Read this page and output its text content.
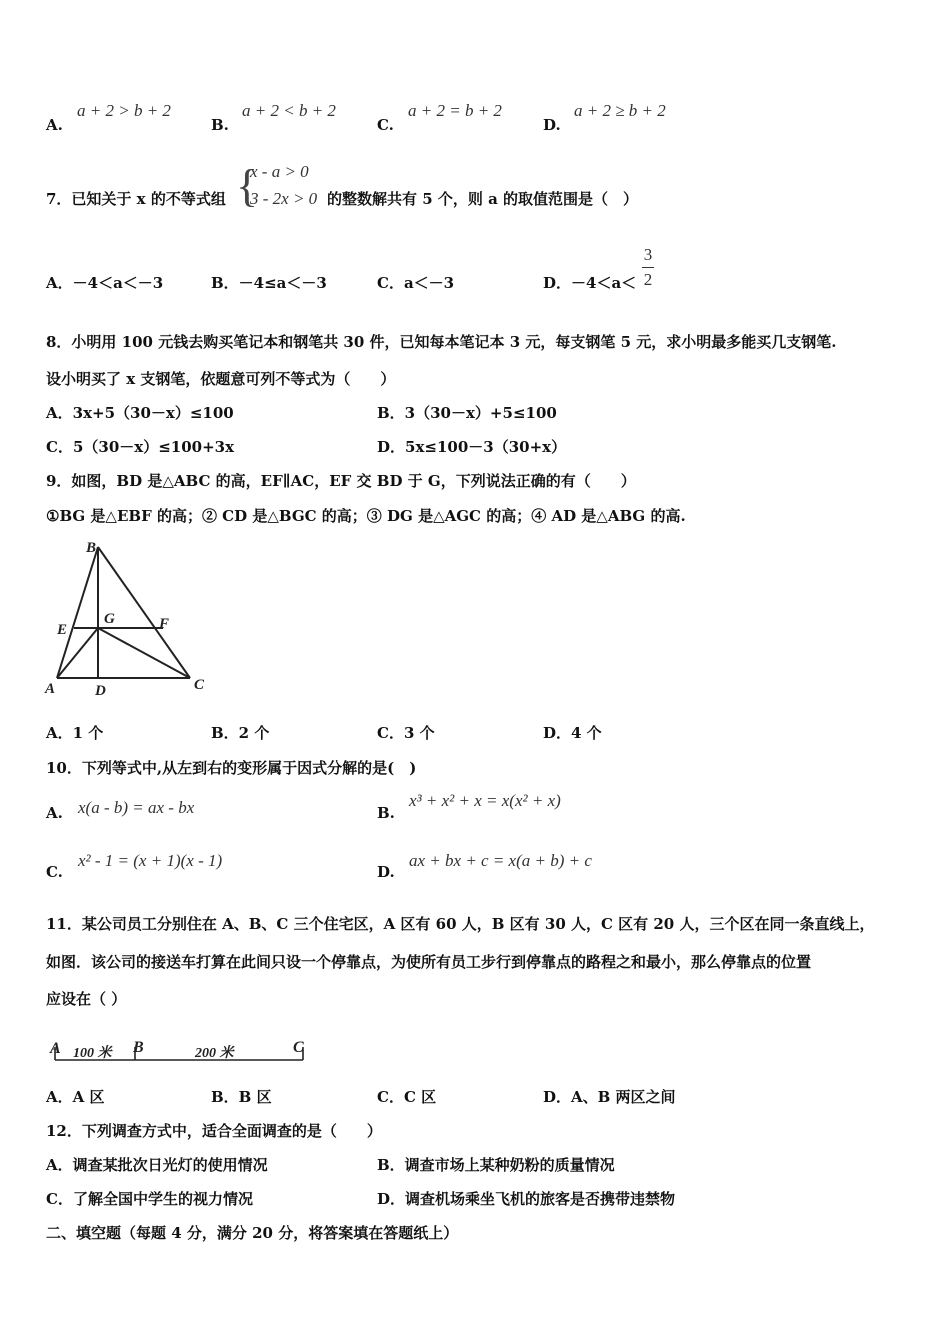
A.
a + 2 > b + 2
B.
a + 2 < b + 2
C.
a + 2 = b + 2
D.
a + 2 ≥ b + 2
7．已知关于 x 的不等式组 {
x - a > 0
3 - 2x > 0 的整数解共有 5 个，则 a 的取值范围是（　）
A．－4＜a＜－3	B．－4≤a＜－3	C．a＜－3	D．－4＜a＜
3
2
8．小明用 100 元钱去购买笔记本和钢笔共 30 件，已知每本笔记本 3 元，每支钢笔 5 元，求小明最多能买几支钢笔.
设小明买了 x 支钢笔，依题意可列不等式为（　　）
A．3x+5（30－x）≤100	B．3（30－x）+5≤100
C．5（30－x）≤100+3x	D．5x≤100－3（30+x）
9．如图，BD 是△ABC 的高，EF∥AC，EF 交 BD 于 G，下列说法正确的有（　　）
①BG 是△EBF 的高；② CD 是△BGC 的高；③ DG 是△AGC 的高；④ AD 是△ABG 的高.
B
E
G	F
A	D	C
A．1 个	B．2 个	C．3 个	D．4 个
10．下列等式中,从左到右的变形属于因式分解的是(　)
A. x(a - b) = ax - bx	B.
x³ + x² + x = x(x² + x)
C.
x² - 1 = (x + 1)(x - 1)
D.
ax + bx + c = x(a + b) + c
11．某公司员工分别住在 A、B、C 三个住宅区，A 区有 60 人，B 区有 30 人，C 区有 20 人，三个区在同一条直线上，
如图．该公司的接送车打算在此间只设一个停靠点，为使所有员工步行到停靠点的路程之和最小，那么停靠点的位置
应设在（ ）
A	B	C
100 米	200 米
A．A 区	B．B 区	C．C 区	D．A、B 两区之间
12．下列调查方式中，适合全面调查的是（　　）
A．调查某批次日光灯的使用情况	B．调查市场上某种奶粉的质量情况
C．了解全国中学生的视力情况	D．调查机场乘坐飞机的旅客是否携带违禁物
二、填空题（每题 4 分，满分 20 分，将答案填在答题纸上）
